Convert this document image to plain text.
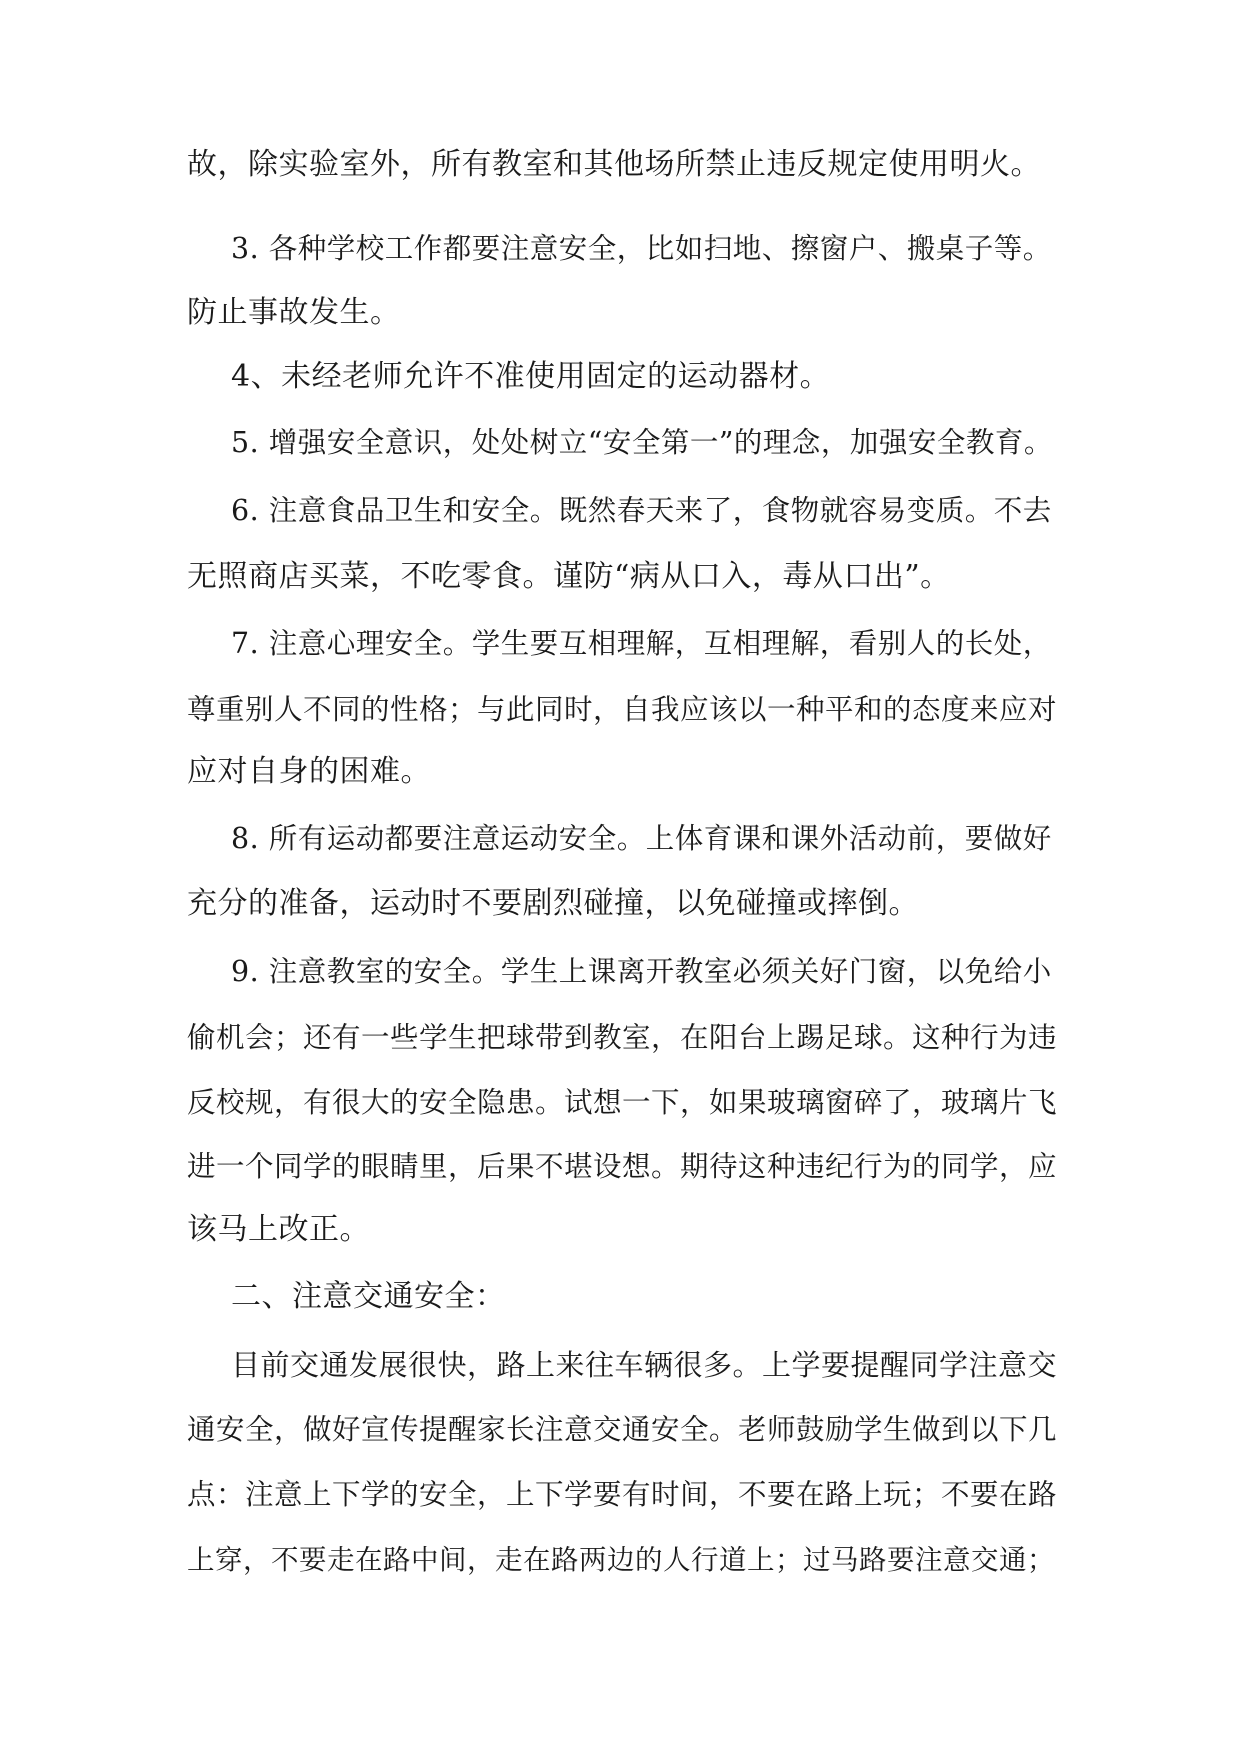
故，除实验室外，所有教室和其他场所禁止违反规定使用明火。
3. 各种学校工作都要注意安全，比如扫地、擦窗户、搬桌子等。
防止事故发生。
4、未经老师允许不准使用固定的运动器材。
5. 增强安全意识，处处树立“安全第一”的理念，加强安全教育。
6. 注意食品卫生和安全。既然春天来了，食物就容易变质。不去
无照商店买菜，不吃零食。谨防“病从口入，毒从口出”。
7. 注意心理安全。学生要互相理解，互相理解，看别人的长处，
尊重别人不同的性格；与此同时，自我应该以一种平和的态度来应对
应对自身的困难。
8. 所有运动都要注意运动安全。上体育课和课外活动前，要做好
充分的准备，运动时不要剧烈碰撞，以免碰撞或摔倒。
9. 注意教室的安全。学生上课离开教室必须关好门窗，以免给小
偷机会；还有一些学生把球带到教室，在阳台上踢足球。这种行为违
反校规，有很大的安全隐患。试想一下，如果玻璃窗碎了，玻璃片飞
进一个同学的眼睛里，后果不堪设想。期待这种违纪行为的同学，应
该马上改正。
二、注意交通安全：
目前交通发展很快，路上来往车辆很多。上学要提醒同学注意交
通安全，做好宣传提醒家长注意交通安全。老师鼓励学生做到以下几
点：注意上下学的安全，上下学要有时间，不要在路上玩；不要在路
上穿，不要走在路中间，走在路两边的人行道上；过马路要注意交通；
